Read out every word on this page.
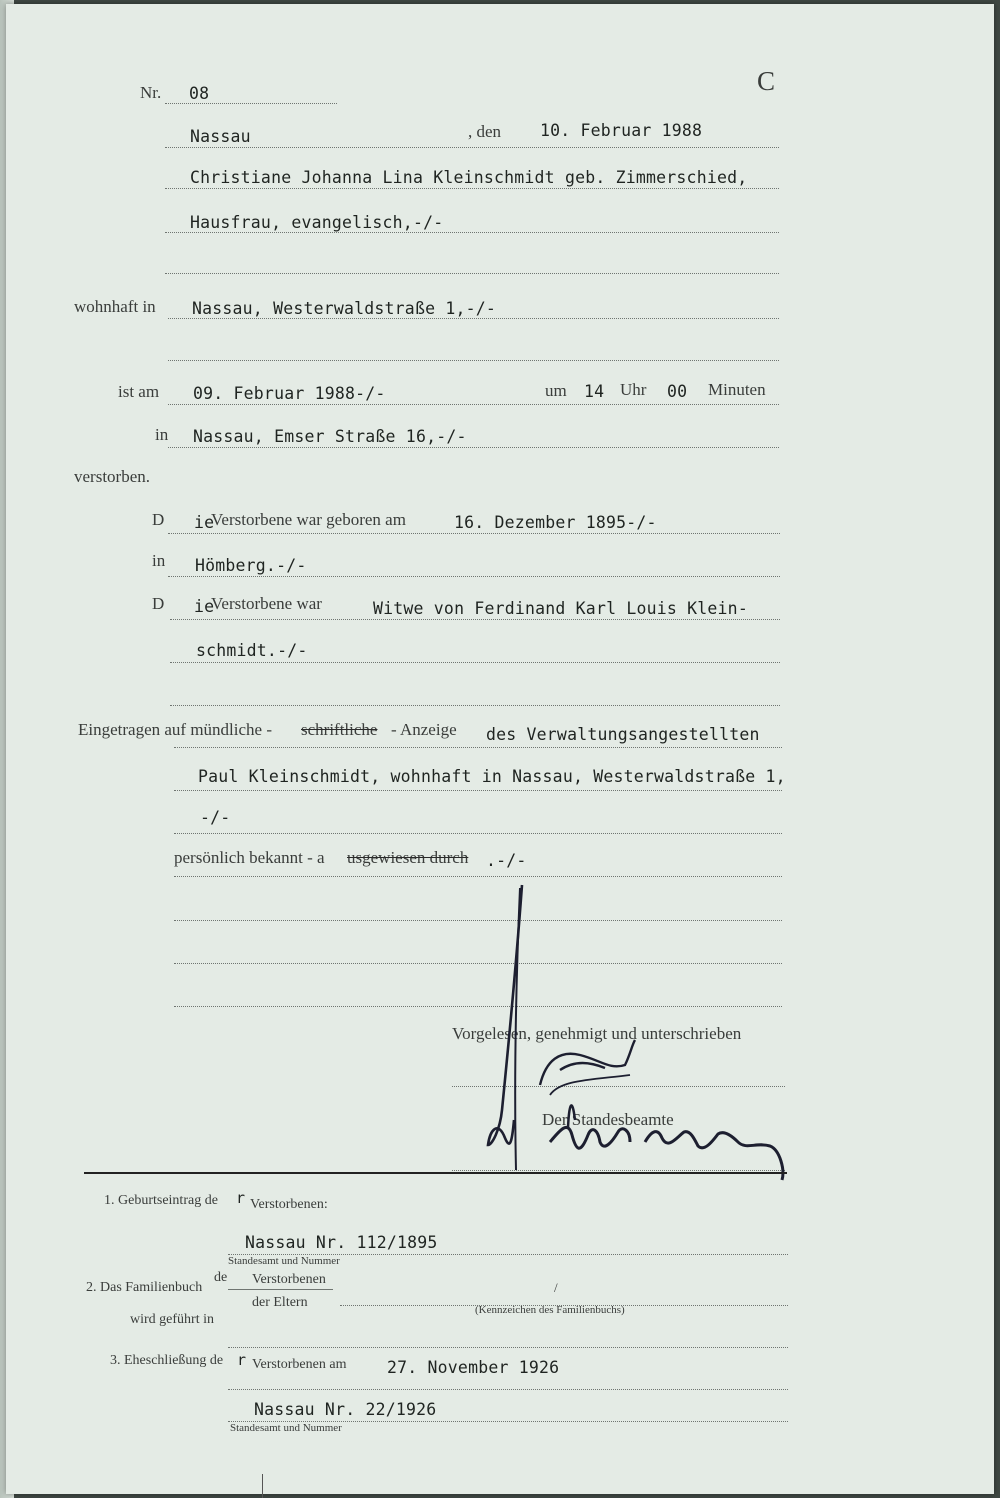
C
Nr. 08
Nassau	, den 10. Februar 1988
Christiane Johanna Lina Kleinschmidt geb. Zimmerschied,
Hausfrau, evangelisch,-/-
wohnhaft in Nassau, Westerwaldstraße 1,-/-
ist am 09. Februar 1988-/-	um 14 Uhr 00 Minuten
in Nassau, Emser Straße 16,-/-
verstorben.
D ie
Verstorbene war geboren am	16. Dezember 1895-/-
in Hömberg.-/-
D ie
Verstorbene war	Witwe von Ferdinand Karl Louis Klein-
schmidt.-/-
Eingetragen auf mündliche - schriftliche - Anzeige des Verwaltungsangestellten
Paul Kleinschmidt, wohnhaft in Nassau, Westerwaldstraße 1,
-/-
persönlich bekannt - a usgewiesen durch .-/-
Vorgelesen, genehmigt und unterschrieben
Der Standesbeamte
1. Geburtseintrag de r Verstorbenen:
Nassau Nr. 112/1895
Standesamt und Nummer
2. Das Familienbuch
de Verstorbenen
der Eltern
/
(Kennzeichen des Familienbuchs)
wird geführt in
3. Eheschließung de r Verstorbenen am 27. November 1926
Nassau Nr. 22/1926
Standesamt und Nummer
